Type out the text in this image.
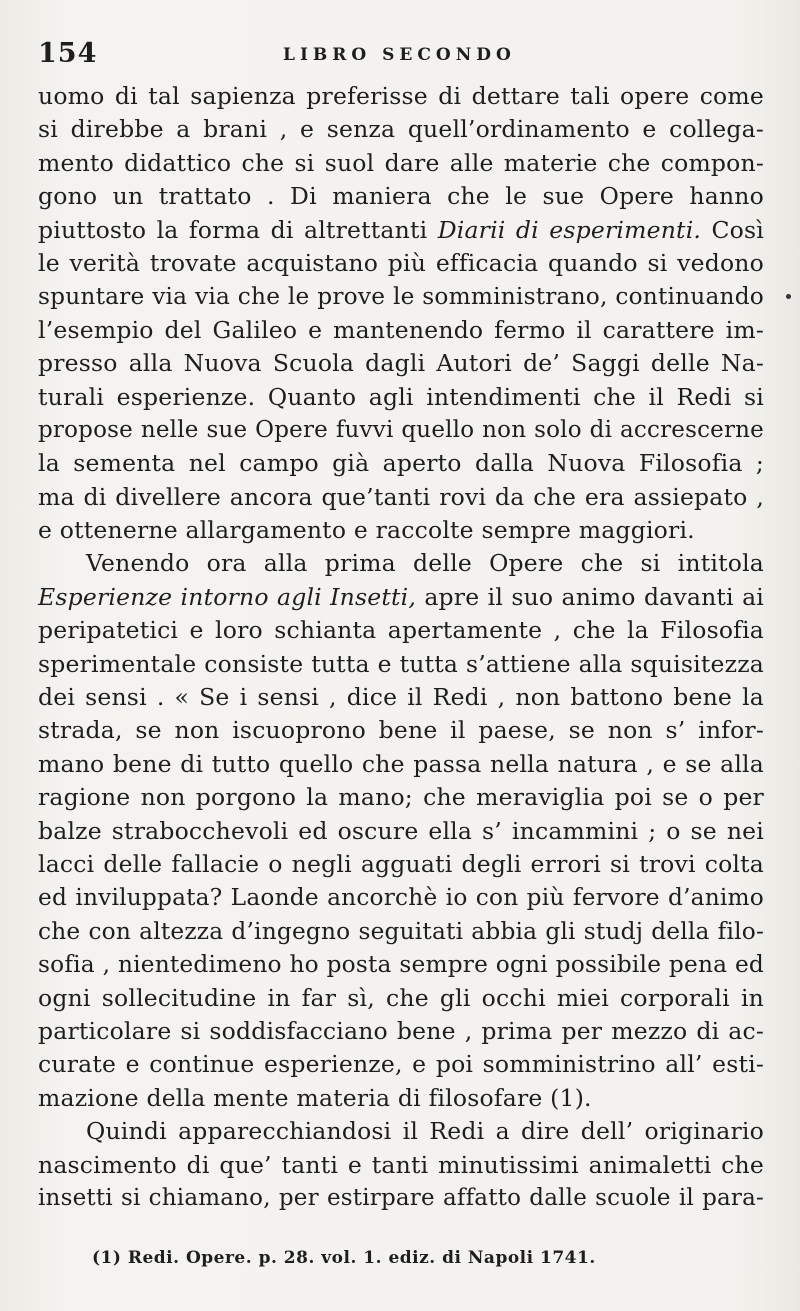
154	LIBRO SECONDO
uomo di tal sapienza preferisse di dettare tali opere come
si direbbe a brani , e senza quell’ordinamento e collega-
mento didattico che si suol dare alle materie che compon-
gono un trattato . Di maniera che le sue Opere hanno
piuttosto la forma di altrettanti Diarii di esperimenti. Così
le verità trovate acquistano più efficacia quando si vedono
spuntare via via che le prove le somministrano, continuando
l’esempio del Galileo e mantenendo fermo il carattere im-
presso alla Nuova Scuola dagli Autori de’ Saggi delle Na-
turali esperienze. Quanto agli intendimenti che il Redi si
propose nelle sue Opere fuvvi quello non solo di accrescerne
la sementa nel campo già aperto dalla Nuova Filosofia ;
ma di divellere ancora que’tanti rovi da che era assiepato ,
e ottenerne allargamento e raccolte sempre maggiori.
Venendo ora alla prima delle Opere che si intitola
Esperienze intorno agli Insetti, apre il suo animo davanti ai
peripatetici e loro schianta apertamente , che la Filosofia
sperimentale consiste tutta e tutta s’attiene alla squisitezza
dei sensi . « Se i sensi , dice il Redi , non battono bene la
strada, se non iscuoprono bene il paese, se non s’ infor-
mano bene di tutto quello che passa nella natura , e se alla
ragione non porgono la mano; che meraviglia poi se o per
balze strabocchevoli ed oscure ella s’ incammini ; o se nei
lacci delle fallacie o negli agguati degli errori si trovi colta
ed inviluppata? Laonde ancorchè io con più fervore d’animo
che con altezza d’ingegno seguitati abbia gli studj della filo-
sofia , nientedimeno ho posta sempre ogni possibile pena ed
ogni sollecitudine in far sì, che gli occhi miei corporali in
particolare si soddisfacciano bene , prima per mezzo di ac-
curate e continue esperienze, e poi somministrino all’ esti-
mazione della mente materia di filosofare (1).
Quindi apparecchiandosi il Redi a dire dell’ originario
nascimento di que’ tanti e tanti minutissimi animaletti che
insetti si chiamano, per estirpare affatto dalle scuole il para-
(1) Redi. Opere. p. 28. vol. 1. ediz. di Napoli 1741.
